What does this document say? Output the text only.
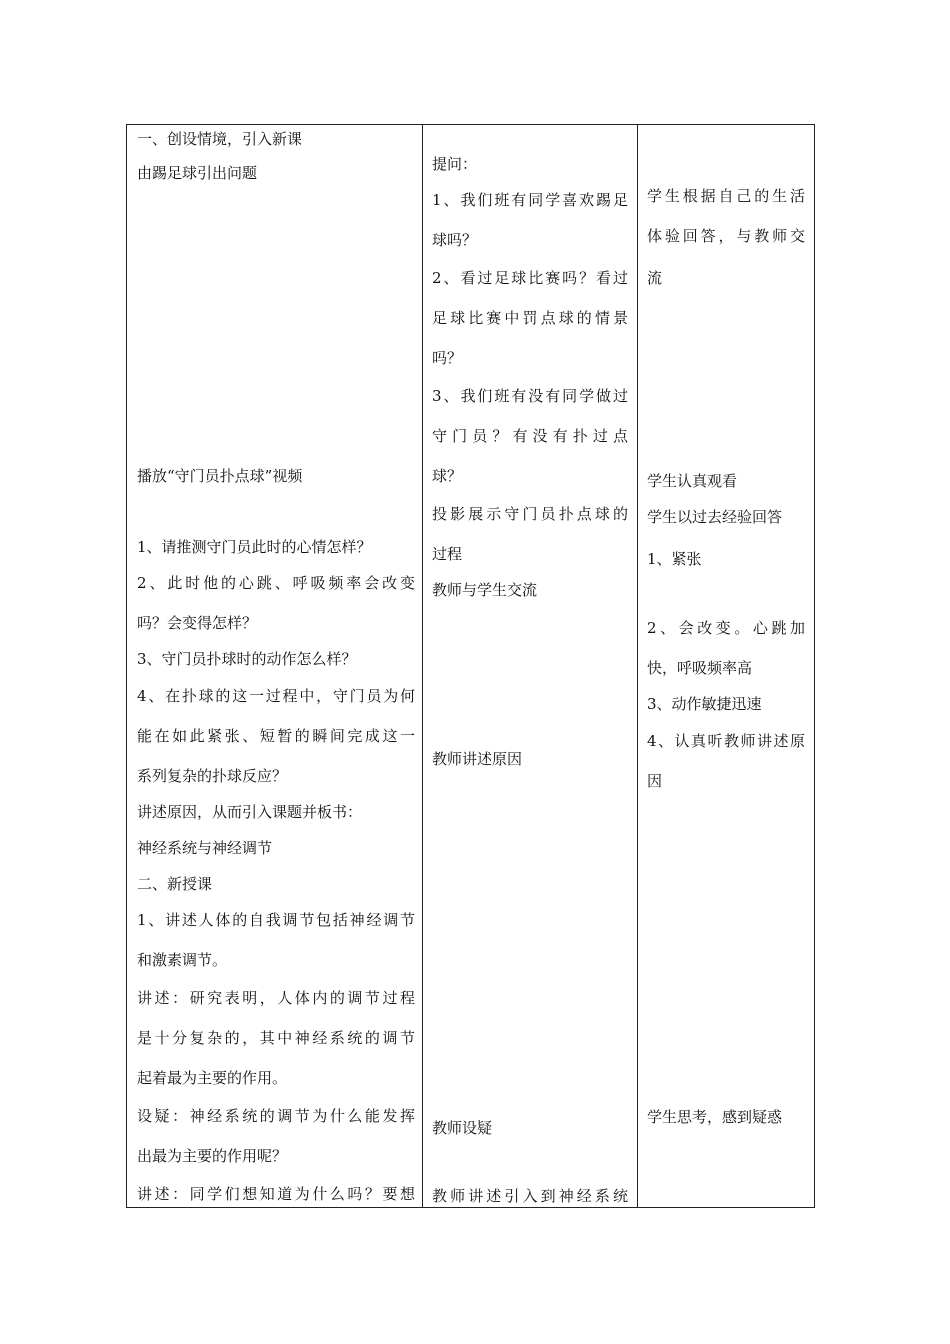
一、创设情境，引入新课
由踢足球引出问题
播放“守门员扑点球”视频
1、请推测守门员此时的心情怎样？
2、此时他的心跳、呼吸频率会改变
吗？会变得怎样？
3、守门员扑球时的动作怎么样？
4、在扑球的这一过程中，守门员为何
能在如此紧张、短暂的瞬间完成这一
系列复杂的扑球反应？
讲述原因，从而引入课题并板书：
神经系统与神经调节
二、新授课
1、讲述人体的自我调节包括神经调节
和激素调节。
讲述：研究表明，人体内的调节过程
是十分复杂的，其中神经系统的调节
起着最为主要的作用。
设疑：神经系统的调节为什么能发挥
出最为主要的作用呢？
讲述：同学们想知道为什么吗？要想
提问：
1、我们班有同学喜欢踢足
球吗？
2、看过足球比赛吗？看过
足球比赛中罚点球的情景
吗？
3、我们班有没有同学做过
守门员？有没有扑过点
球？
投影展示守门员扑点球的
过程
教师与学生交流
教师讲述原因
教师设疑
教师讲述引入到神经系统
学生根据自己的生活
体验回答，与教师交
流
学生认真观看
学生以过去经验回答
1、紧张
2、会改变。心跳加
快，呼吸频率高
3、动作敏捷迅速
4、认真听教师讲述原
因
学生思考，感到疑惑
